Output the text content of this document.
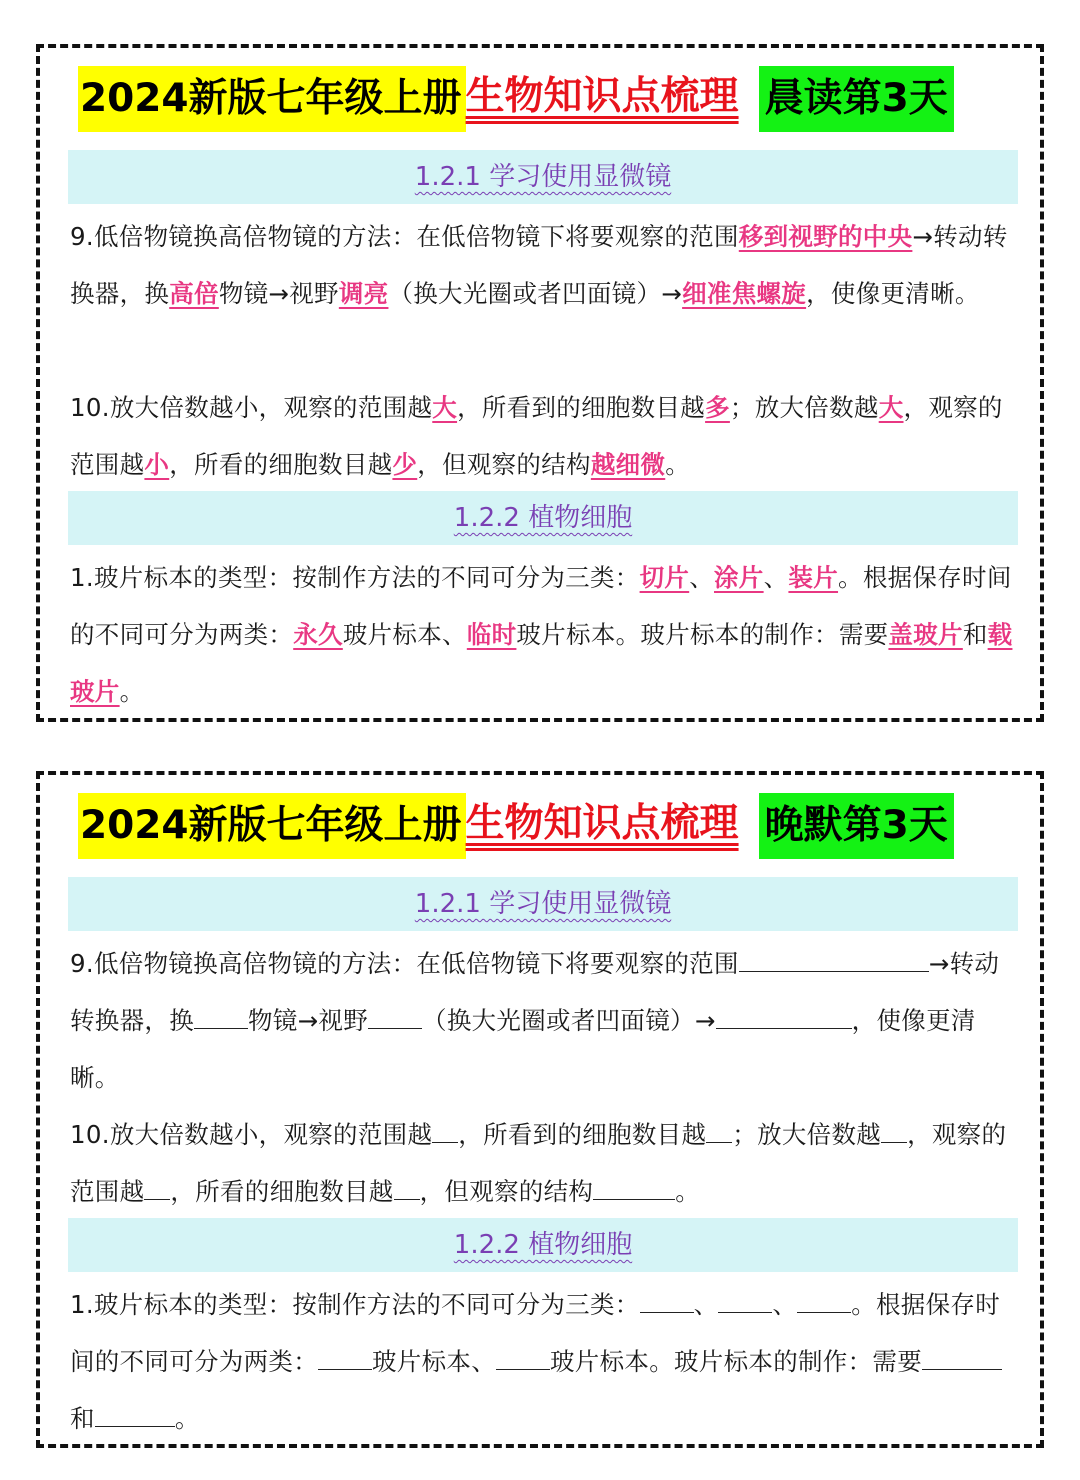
2024新版七年级上册 生物知识点梳理 晨读第3天
1.2.1 学习使用显微镜
9.低倍物镜换高倍物镜的方法：在低倍物镜下将要观察的范围移到视野的中央→转动转换器，换高倍物镜→视野调亮（换大光圈或者凹面镜）→细准焦螺旋，使像更清晰。
10.放大倍数越小，观察的范围越大，所看到的细胞数目越多；放大倍数越大，观察的范围越小，所看的细胞数目越少，但观察的结构越细微。
1.2.2 植物细胞
1.玻片标本的类型：按制作方法的不同可分为三类：切片、涂片、装片。根据保存时间的不同可分为两类：永久玻片标本、临时玻片标本。玻片标本的制作：需要盖玻片和载玻片。
2024新版七年级上册 生物知识点梳理 晚默第3天
1.2.1 学习使用显微镜
9.低倍物镜换高倍物镜的方法：在低倍物镜下将要观察的范围	→转动转换器，换 物镜→视野 （换大光圈或者凹面镜）→	，使像更清晰。
10.放大倍数越小，观察的范围越 ，所看到的细胞数目越 ；放大倍数越 ，观察的范围越 ，所看的细胞数目越 ，但观察的结构	。
1.2.2 植物细胞
1.玻片标本的类型：按制作方法的不同可分为三类： 、 、 。根据保存时间的不同可分为两类： 玻片标本、 玻片标本。玻片标本的制作：需要和	。
